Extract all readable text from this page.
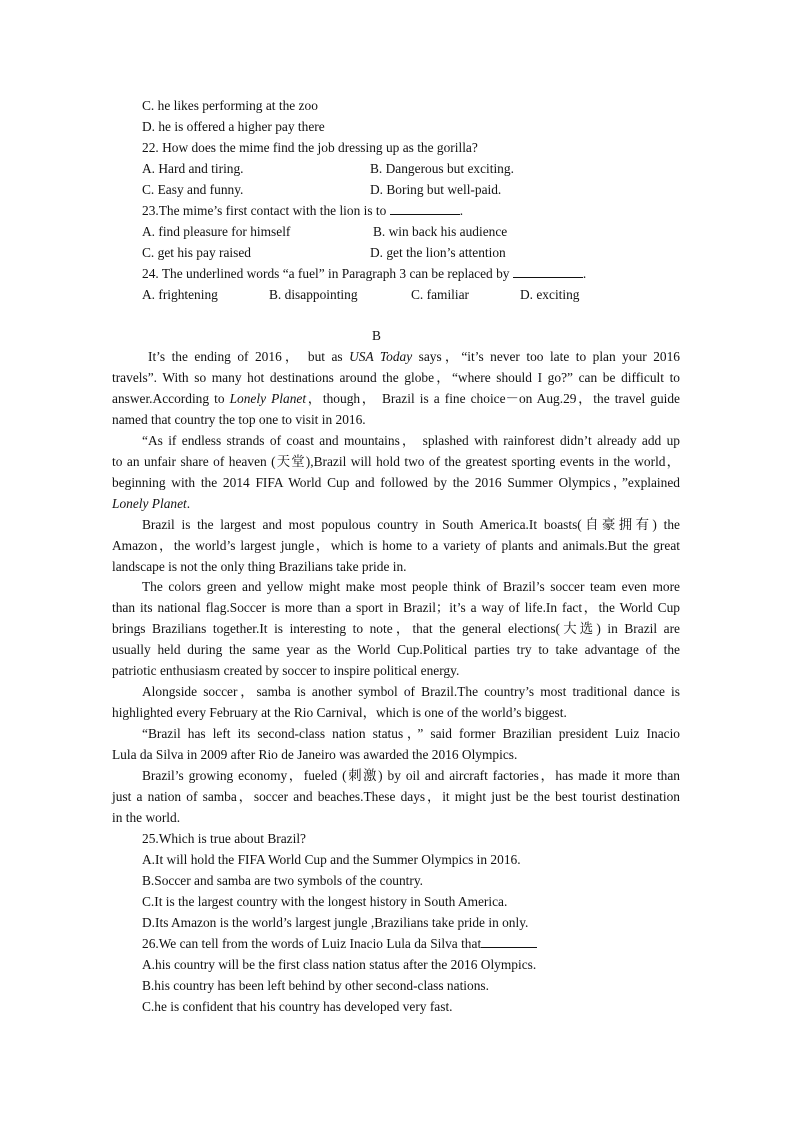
C. he likes performing at the zoo
D. he is offered a higher pay there
22. How does the mime find the job dressing up as the gorilla?
A. Hard and tiring.	B. Dangerous but exciting.
C. Easy and funny.	D. Boring but well-paid.
23.The mime’s first contact with the lion is to	.
A. find pleasure for himself	B. win back his audience
C. get his pay raised	D. get the lion’s attention
24. The underlined words “a fuel” in Paragraph 3 can be replaced by	.
A. frightening	B. disappointing	C. familiar	D. exciting
B
It’s the ending of 2016， but as USA Today says，“it’s never too late to plan your 2016
travels”. With so many hot destinations around the globe，“where should I go?” can be difficult to
answer.According to Lonely Planet，though， Brazil is a fine choice－on Aug.29，the travel guide
named that country the top one to visit in 2016.
“As if endless strands of coast and mountains， splashed with rainforest didn’t already add up
to an unfair share of heaven (天堂),Brazil will hold two of the greatest sporting events in the world，
beginning with the 2014 FIFA World Cup and followed by the 2016 Summer Olympics，”explained
Lonely Planet.
Brazil is the largest and most populous country in South America.It boasts(自豪拥有) the
Amazon，the world’s largest jungle，which is home to a variety of plants and animals.But the great
landscape is not the only thing Brazilians take pride in.
The colors green and yellow might make most people think of Brazil’s soccer team even more
than its national flag.Soccer is more than a sport in Brazil；it’s a way of life.In fact，the World Cup
brings Brazilians together.It is interesting to note，that the general elections(大选) in Brazil are
usually held during the same year as the World Cup.Political parties try to take advantage of the
patriotic enthusiasm created by soccer to inspire political energy.
Alongside soccer，samba is another symbol of Brazil.The country’s most traditional dance is
highlighted every February at the Rio Carnival，which is one of the world’s biggest.
“Brazil has left its second-class nation status，” said former Brazilian president Luiz Inacio
Lula da Silva in 2009 after Rio de Janeiro was awarded the 2016 Olympics.
Brazil’s growing economy，fueled (刺激) by oil and aircraft factories，has made it more than
just a nation of samba，soccer and beaches.These days，it might just be the best tourist destination
in the world.
25.Which is true about Brazil?
A.It will hold the FIFA World Cup and the Summer Olympics in 2016.
B.Soccer and samba are two symbols of the country.
C.It is the largest country with the longest history in South America.
D.Its Amazon is the world’s largest jungle ,Brazilians take pride in only.
26.We can tell from the words of Luiz Inacio Lula da Silva that
A.his country will be the first class nation status after the 2016 Olympics.
B.his country has been left behind by other second-class nations.
C.he is confident that his country has developed very fast.
